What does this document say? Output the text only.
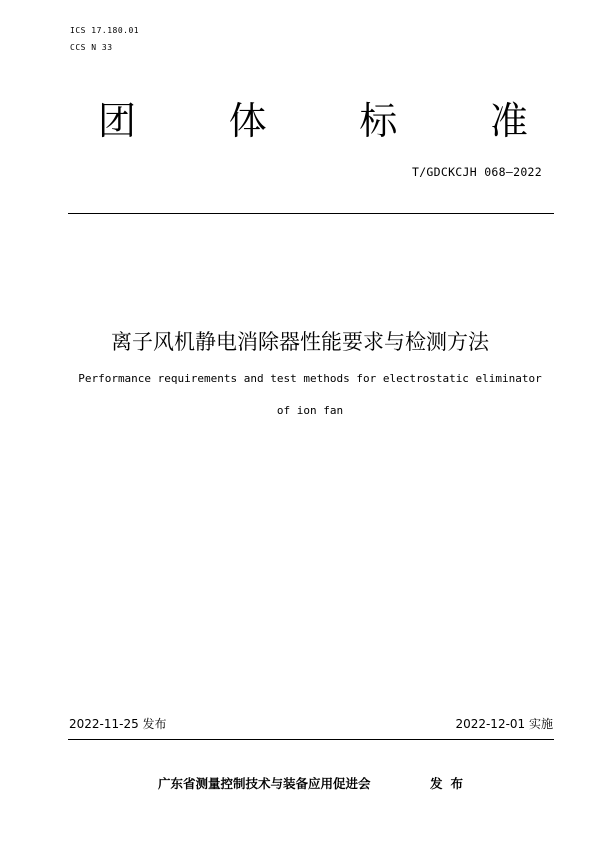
ICS 17.180.01
CCS N 33
团 体 标 准
T/GDCKCJH 068—2022
离子风机静电消除器性能要求与检测方法
Performance requirements and test methods for electrostatic eliminator
of ion fan
2022-11-25 发布	2022-12-01 实施
广东省测量控制技术与装备应用促进会	发布
